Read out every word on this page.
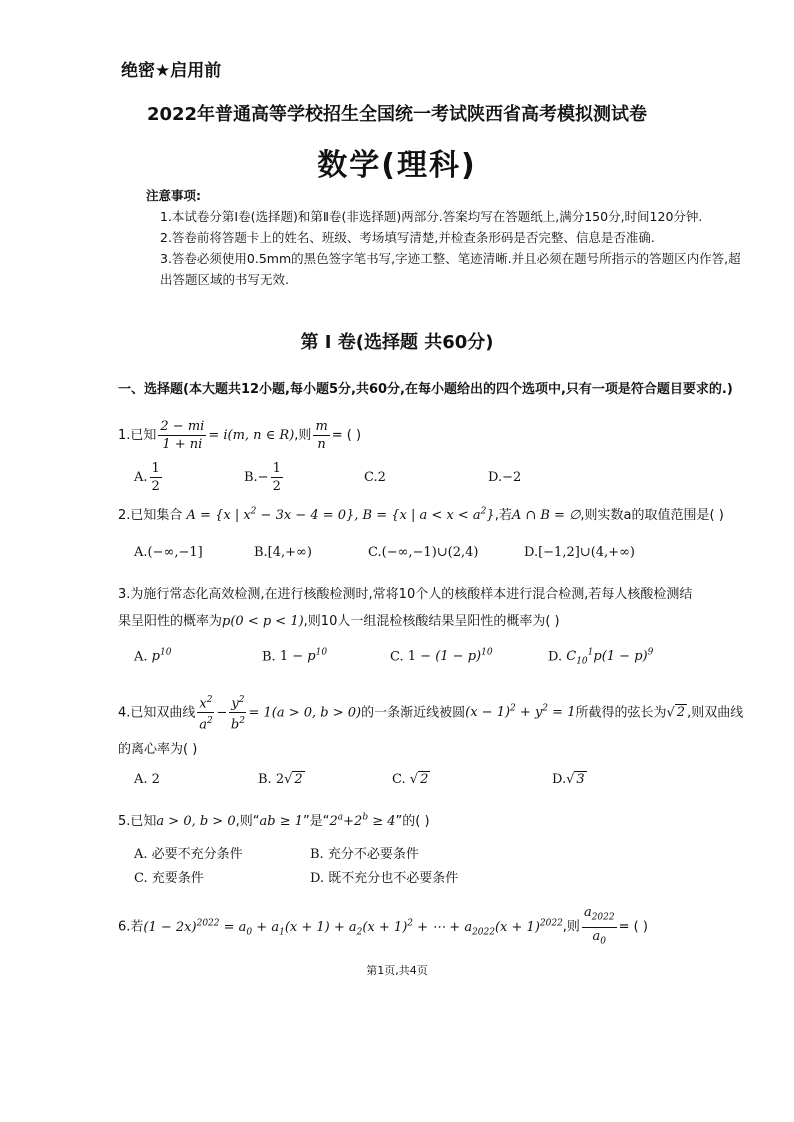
绝密★启用前
2022年普通高等学校招生全国统一考试陕西省高考模拟测试卷
数学(理科)

注意事项:

1.本试卷分第Ⅰ卷(选择题)和第Ⅱ卷(非选择题)两部分.答案均写在答题纸上,满分150分,时间120分钟.

2.答卷前将答题卡上的姓名、班级、考场填写清楚,并检查条形码是否完整、信息是否准确.

3.答卷必须使用0.5mm的黑色签字笔书写,字迹工整、笔迹清晰.并且必须在题号所指示的答题区内作答,超出答题区域的书写无效.

第 Ⅰ 卷(选择题 共60分)
一、选择题(本大题共12小题,每小题5分,共60分,在每小题给出的四个选项中,只有一项是符合题目要求的.)
1.已知 $\frac{2 - mi}{1 + ni} = i(m$, n ∈ R),则 $\frac{m}{n}$ = ( )
A. $\frac{1}{2}$	$B.- \frac{1}{2}$	C.2	D.−2
2.已知集合 A = {x | $x^2 - 3x - 4 = 0$}, B = {x | $a < x < a^2$},若A ∩ B = ∅,则实数a的取值范围是( )
A.(−∞,−1]	B.[4,+∞)	C.(−∞,−1)∪(2,4)	D.[−1,2]∪(4,+∞)
3.为施行常态化高效检测,在进行核酸检测时,常将10个人的核酸样本进行混合检测,若每人核酸检测结
果呈阳性的概率为p(0 < p < 1),则10人一组混检核酸结果呈阳性的概率为( )
A. $p^{10}$	B. $1 - p^{10}$	C. $1 - (1 - p)^{10}$	D. $C_{10}^1p(1 - p)^9$
4.已知双曲线 $\frac{x^2}{a^2} - \frac{y^2}{b^2} = 1(a > 0$, b > 0)的一条渐近线被圆$(x - 1)^2 + y^2 = 1$所截得的弦长为√ 2 ,则双曲线
的离心率为( )
A. 2	B. 2√ 2	C. √ 2	D.√ 3
5.已知a > 0, b > 0,则“ab ≥ 1”是“$2^a+2^b \ge 4$”的( )
A. 必要不充分条件	B. 充分不必要条件
C. 充要条件	D. 既不充分也不必要条件
6.若$(1 - 2x)^{2022} = a_0 + a_1(x + 1) + a_2(x + 1)^2$ + ⋯ + $a_{2022}(x + 1)^{2022}$,则 $\frac{a_{2022}}{a_0}$ = ( )
第1页,共4页
